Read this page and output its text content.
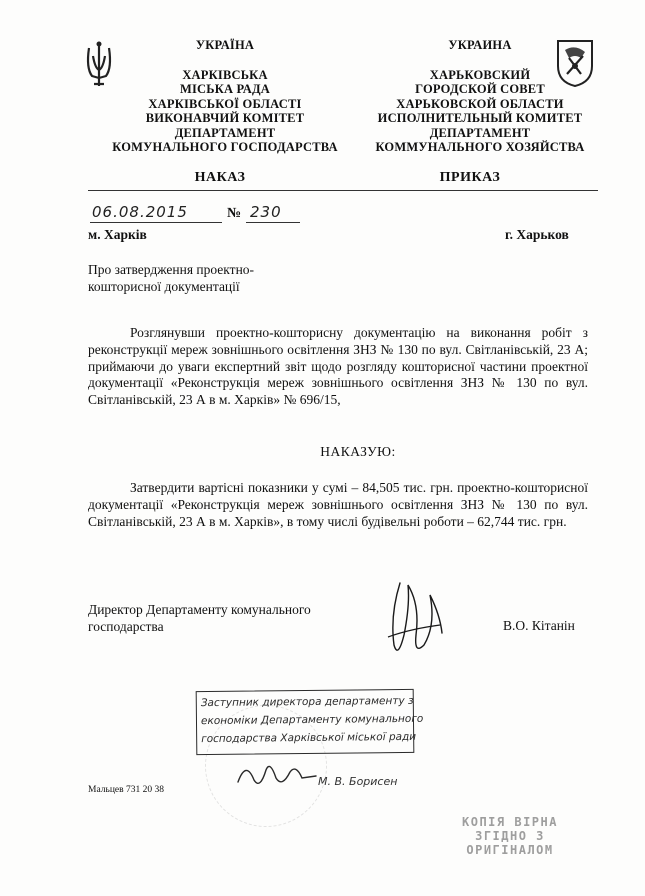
УКРАЇНА
ХАРКІВСЬКА
МІСЬКА РАДА
ХАРКІВСЬКОЇ ОБЛАСТІ
ВИКОНАВЧИЙ КОМІТЕТ
ДЕПАРТАМЕНТ
КОМУНАЛЬНОГО ГОСПОДАРСТВА
УКРАИНА
ХАРЬКОВСКИЙ
ГОРОДСКОЙ СОВЕТ
ХАРЬКОВСКОЙ ОБЛАСТИ
ИСПОЛНИТЕЛЬНЫЙ КОМИТЕТ
ДЕПАРТАМЕНТ
КОММУНАЛЬНОГО ХОЗЯЙСТВА
НАКАЗ	ПРИКАЗ
06.08.2015	№ 230
м. Харків	г. Харьков
Про затвердження проектно-кошторисної документації
Розглянувши проектно-кошторисну документацію на виконання робіт з реконструкції мереж зовнішнього освітлення ЗНЗ № 130 по вул. Світланівській, 23 А; приймаючи до уваги експертний звіт щодо розгляду кошторисної частини проектної документації «Реконструкція мереж зовнішнього освітлення ЗНЗ № 130 по вул. Світланівській, 23 А в м. Харків» № 696/15,
НАКАЗУЮ:
Затвердити вартісні показники у сумі – 84,505 тис. грн. проектно-кошторисної документації «Реконструкція мереж зовнішнього освітлення ЗНЗ № 130 по вул. Світланівській, 23 А в м. Харків», в тому числі будівельні роботи – 62,744 тис. грн.
Директор Департаменту комунального господарства	В.О. Кітанін
Заступник директора департаменту з
економіки Департаменту комунального
господарства Харківської міської ради
М. В. Борисен
Мальцев 731 20 38
КОПІЯ ВІРНА
ЗГІДНО З
ОРИГІНАЛОМ
